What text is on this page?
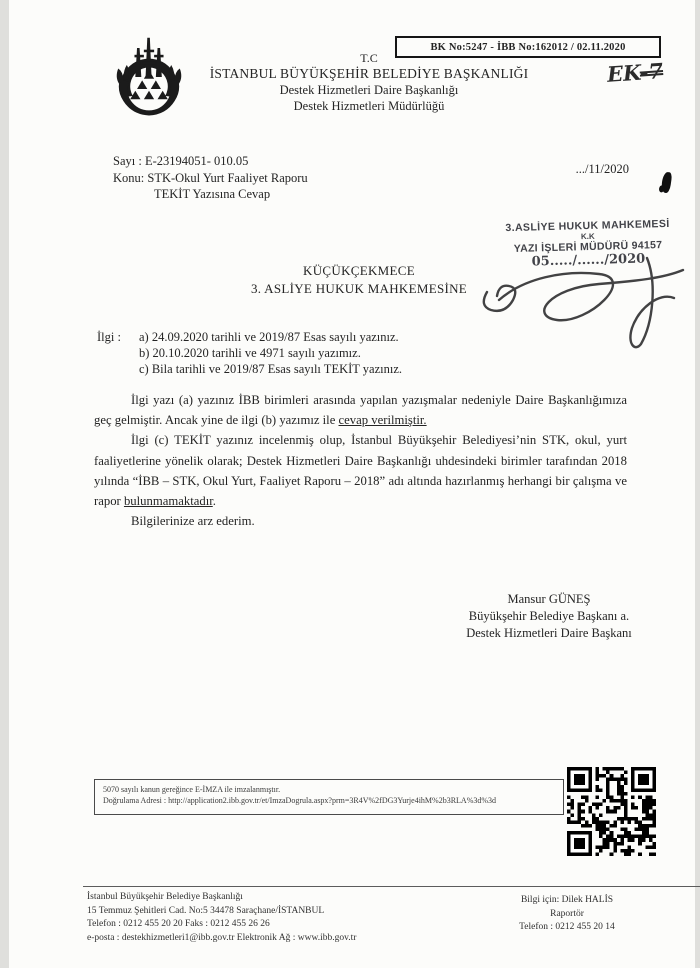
BK No:5247 - İBB No:162012 / 02.11.2020
EK-7
T.C
İSTANBUL BÜYÜKŞEHİR BELEDİYE BAŞKANLIĞI
Destek Hizmetleri Daire Başkanlığı
Destek Hizmetleri Müdürlüğü
Sayı : E-23194051- 010.05
Konu: STK-Okul Yurt Faaliyet Raporu
TEKİT Yazısına Cevap
.../11/2020
3.ASLİYE HUKUK MAHKEMESİ
K.K
YAZI İŞLERİ MÜDÜRÜ 94157
05...../....../2020
KÜÇÜKÇEKMECE
3. ASLİYE HUKUK MAHKEMESİNE
İlgi : a) 24.09.2020 tarihli ve 2019/87 Esas sayılı yazınız.
b) 20.10.2020 tarihli ve 4971 sayılı yazımız.
c) Bila tarihli ve 2019/87 Esas sayılı TEKİT yazınız.

İlgi yazı (a) yazınız İBB birimleri arasında yapılan yazışmalar nedeniyle Daire Başkanlığımıza geç gelmiştir. Ancak yine de ilgi (b) yazımız ile cevap verilmiştir.

İlgi (c) TEKİT yazınız incelenmiş olup, İstanbul Büyükşehir Belediyesi’nin STK, okul, yurt faaliyetlerine yönelik olarak; Destek Hizmetleri Daire Başkanlığı uhdesindeki birimler tarafından 2018 yılında “İBB – STK, Okul Yurt, Faaliyet Raporu – 2018” adı altında hazırlanmış herhangi bir çalışma ve rapor bulunmamaktadır.

Bilgilerinize arz ederim.

Mansur GÜNEŞ
Büyükşehir Belediye Başkanı a.
Destek Hizmetleri Daire Başkanı
5070 sayılı kanun gereğince E-İMZA ile imzalanmıştır.
Doğrulama Adresi : http://application2.ibb.gov.tr/et/ImzaDogrula.aspx?prm=3R4V%2fDG3Yurje4ihM%2b3RLA%3d%3d
İstanbul Büyükşehir Belediye Başkanlığı
15 Temmuz Şehitleri Cad. No:5 34478 Saraçhane/İSTANBUL
Telefon : 0212 455 20 20 Faks : 0212 455 26 26
e-posta : destekhizmetleri1@ibb.gov.tr Elektronik Ağ : www.ibb.gov.tr
Bilgi için: Dilek HALİS
Raportör
Telefon : 0212 455 20 14
